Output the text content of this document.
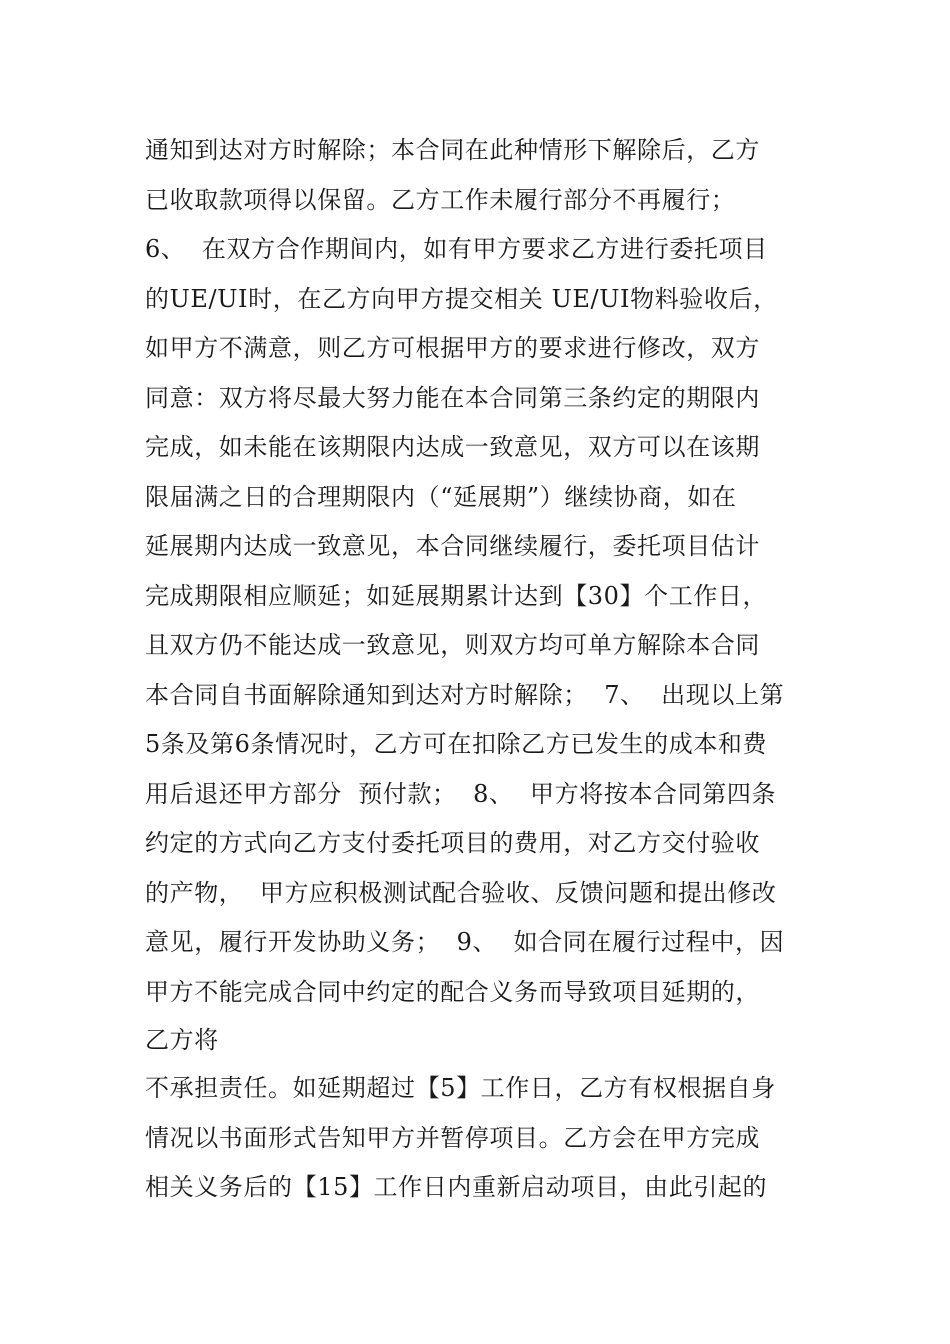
通知到达对方时解除；本合同在此种情形下解除后，乙方
已收取款项得以保留。乙方工作未履行部分不再履行；
6、  在双方合作期间内，如有甲方要求乙方进行委托项目
的UE/UI时，在乙方向甲方提交相关 UE/UI物料验收后，
如甲方不满意，则乙方可根据甲方的要求进行修改，双方
同意：双方将尽最大努力能在本合同第三条约定的期限内
完成，如未能在该期限内达成一致意见，双方可以在该期
限届满之日的合理期限内（“延展期”）继续协商，如在
延展期内达成一致意见，本合同继续履行，委托项目估计
完成期限相应顺延；如延展期累计达到【30】个工作日，
且双方仍不能达成一致意见，则双方均可单方解除本合同
本合同自书面解除通知到达对方时解除；  7、  出现以上第
5条及第6条情况时，乙方可在扣除乙方已发生的成本和费
用后退还甲方部分  预付款；  8、  甲方将按本合同第四条
约定的方式向乙方支付委托项目的费用，对乙方交付验收
的产物，  甲方应积极测试配合验收、反馈问题和提出修改
意见，履行开发协助义务；  9、  如合同在履行过程中，因
甲方不能完成合同中约定的配合义务而导致项目延期的，
乙方将
不承担责任。如延期超过【5】工作日，乙方有权根据自身
情况以书面形式告知甲方并暂停项目。乙方会在甲方完成
相关义务后的【15】工作日内重新启动项目，由此引起的
